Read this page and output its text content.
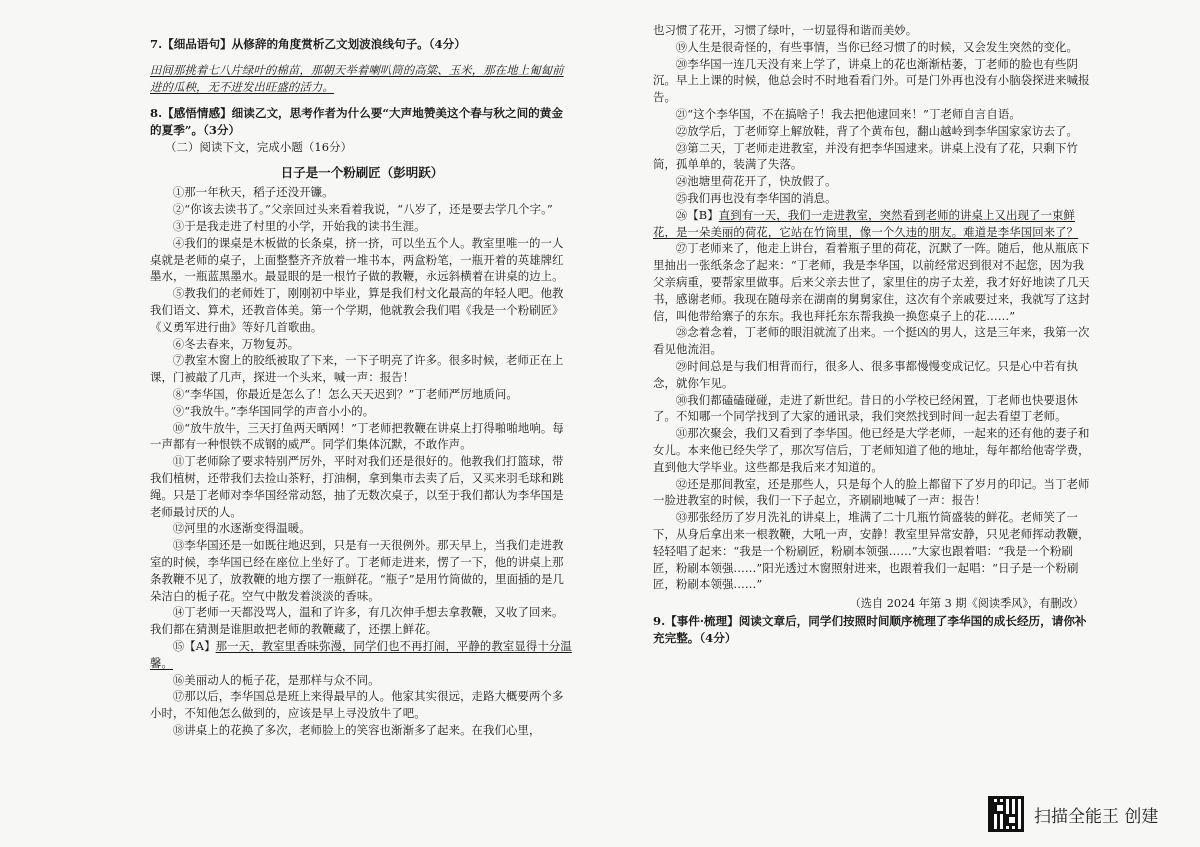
7.【细品语句】从修辞的角度赏析乙文划波浪线句子。（4分）

田间那挑着七八片绿叶的棉苗，那朝天举着喇叭筒的高粱、玉米，那在地上匍匐前进的瓜秧，无不进发出旺盛的活力。

8.【感悟情感】细读乙文，思考作者为什么要“大声地赞美这个春与秋之间的黄金的夏季”。（3分）

（二）阅读下文，完成小题（16分）

日子是一个粉刷匠（彭明跃）

①那一年秋天，稻子还没开镰。

②“你该去读书了。”父亲回过头来看着我说，“八岁了，还是要去学几个字。”

③于是我走进了村里的小学，开始我的读书生涯。

④我们的课桌是木板做的长条桌，挤一挤，可以坐五个人。教室里唯一的一人桌就是老师的桌子，上面整整齐齐放着一堆书本，两盒粉笔，一瓶开着的英雄牌红墨水，一瓶蓝黑墨水。最显眼的是一根竹子做的教鞭，永远斜横着在讲桌的边上。

⑤教我们的老师姓丁，刚刚初中毕业，算是我们村文化最高的年轻人吧。他教我们语文、算术，还教音体美。第一个学期，他就教会我们唱《我是一个粉刷匠》《义勇军进行曲》等好几首歌曲。

⑥冬去春来，万物复苏。

⑦教室木窗上的胶纸被取了下来，一下子明亮了许多。很多时候，老师正在上课，门被敲了几声，探进一个头来，喊一声：报告！

⑧“李华国，你最近是怎么了！怎么天天迟到？”丁老师严厉地质问。

⑨“我放牛。”李华国同学的声音小小的。

⑩“放牛放牛，三天打鱼两天晒网！”丁老师把教鞭在讲桌上打得啪啪地响。每一声都有一种恨铁不成钢的威严。同学们集体沉默，不敢作声。

⑪丁老师除了要求特别严厉外，平时对我们还是很好的。他教我们打篮球，带我们植树，还带我们去捡山茶籽，打油桐，拿到集市去卖了后，又买来羽毛球和跳绳。只是丁老师对李华国经常动怒，抽了无数次桌子，以至于我们都认为李华国是老师最讨厌的人。

⑫河里的水逐渐变得温暖。

⑬李华国还是一如既往地迟到，只是有一天很例外。那天早上，当我们走进教室的时候，李华国已经在座位上坐好了。丁老师走进来，愣了一下，他的讲桌上那条教鞭不见了，放教鞭的地方摆了一瓶鲜花。“瓶子”是用竹筒做的，里面插的是几朵洁白的栀子花。空气中散发着淡淡的香味。

⑭丁老师一天都没骂人，温和了许多，有几次伸手想去拿教鞭，又收了回来。我们都在猜测是谁胆敢把老师的教鞭藏了，还摆上鲜花。

⑮【A】那一天，教室里香味弥漫，同学们也不再打闹，平静的教室显得十分温馨。

⑯美丽动人的栀子花，是那样与众不同。

⑰那以后，李华国总是班上来得最早的人。他家其实很远，走路大概要两个多小时，不知他怎么做到的，应该是早上寻没放牛了吧。

⑱讲桌上的花换了多次，老师脸上的笑容也渐渐多了起来。在我们心里，

也习惯了花开，习惯了绿叶，一切显得和谐而美妙。

⑲人生是很奇怪的，有些事情，当你已经习惯了的时候，又会发生突然的变化。

⑳李华国一连几天没有来上学了，讲桌上的花也渐渐枯萎，丁老师的脸也有些阴沉。早上上课的时候，他总会时不时地看看门外。可是门外再也没有小脑袋探进来喊报告。

㉑“这个李华国，不在搞啥子！我去把他逮回来！”丁老师自言自语。

㉒放学后，丁老师穿上解放鞋，背了个黄布包，翻山越岭到李华国家家访去了。

㉓第二天，丁老师走进教室，并没有把李华国逮来。讲桌上没有了花，只剩下竹筒，孤单单的，装满了失落。

㉔池塘里荷花开了，快放假了。

㉕我们再也没有李华国的消息。

㉖【B】直到有一天，我们一走进教室，突然看到老师的讲桌上又出现了一束鲜花，是一朵美丽的荷花，它站在竹筒里，像一个久违的朋友。难道是李华国回来了？

㉗丁老师来了，他走上讲台，看着瓶子里的荷花，沉默了一阵。随后，他从瓶底下里抽出一张纸条念了起来：“丁老师，我是李华国，以前经常迟到很对不起您，因为我父亲病重，要帮家里做事。后来父亲去世了，家里住的房子太差，我才好好地读了几天书，感谢老师。我现在随母亲在湖南的舅舅家住，这次有个亲戚要过来，我就写了这封信，叫他带给寨子的东东。我也拜托东东帮我换一换您桌子上的花……”

㉘念着念着，丁老师的眼泪就流了出来。一个挺凶的男人，这是三年来，我第一次看见他流泪。

㉙时间总是与我们相背而行，很多人、很多事都慢慢变成记忆。只是心中若有执念，就你乍见。

㉚我们都磕磕碰碰，走进了新世纪。昔日的小学校已经闲置，丁老师也快要退休了。不知哪一个同学找到了大家的通讯录，我们突然找到时间一起去看望丁老师。

㉛那次聚会，我们又看到了李华国。他已经是大学老师，一起来的还有他的妻子和女儿。本来他已经失学了，那次写信后，丁老师知道了他的地址，每年都给他寄学费，直到他大学毕业。这些都是我后来才知道的。

㉜还是那间教室，还是那些人，只是每个人的脸上都留下了岁月的印记。当丁老师一脸进教室的时候，我们一下子起立，齐刷刷地喊了一声：报告！

㉝那张经历了岁月洗礼的讲桌上，堆满了二十几瓶竹筒盛装的鲜花。老师笑了一下，从身后拿出来一根教鞭，大吼一声，安静！教室里异常安静，只见老师挥动教鞭，轻轻唱了起来：“我是一个粉刷匠，粉刷本领强……”大家也跟着唱：“我是一个粉刷匠，粉刷本领强……”阳光透过木窗照射进来，也跟着我们一起唱：“日子是一个粉刷匠，粉刷本领强……”

（选自 2024 年第 3 期《阅读季风》，有删改）

9.【事件·梳理】阅读文章后，同学们按照时间顺序梳理了李华国的成长经历，请你补充完整。（4分）

扫描全能王 创建
